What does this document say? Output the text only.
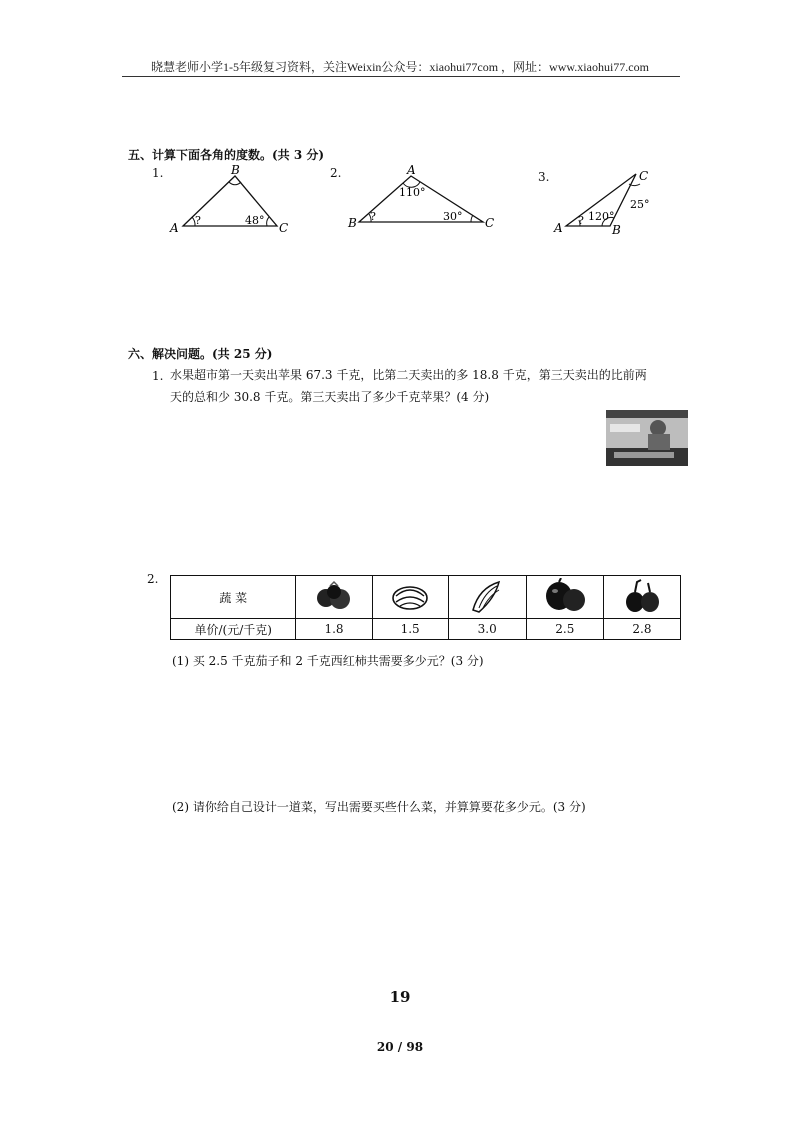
晓慧老师小学1-5年级复习资料，关注Weixin公众号：xiaohui77com ，网址：www.xiaohui77.com
五、计算下面各角的度数。(共 3 分)
1.	2.	3.
B
A	C
?	48°
A
B	C
110°
?	30°
A	B
C
? 120°
25°
六、解决问题。(共 25 分)
1. 水果超市第一天卖出苹果 67.3 千克，比第二天卖出的多 18.8 千克，第三天卖出的比前两
天的总和少 30.8 千克。第三天卖出了多少千克苹果？(4 分)
2.
蔬 菜					
单价/(元/千克)	1.8	1.5	3.0	2.5	2.8
(1) 买 2.5 千克茄子和 2 千克西红柿共需要多少元？(3 分)
(2) 请你给自己设计一道菜，写出需要买些什么菜，并算算要花多少元。(3 分)
19
20 / 98
